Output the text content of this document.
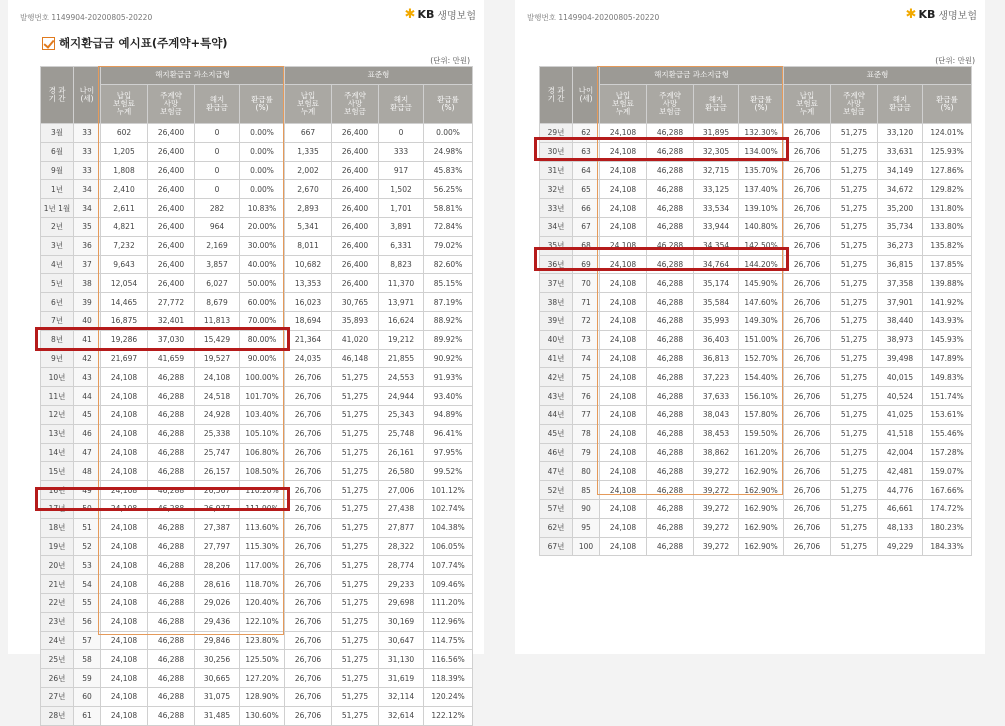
발행번호 1149904-20200805-20220	✱ KB 생명보험
해지환급금 예시표(주계약+특약)
(단위: 만원)
경 과
기 간	나이
(세)	해지환급금 과소지급형				표준형			
		납입
보험료
누계	주계약
사망
보험금	해지
환급금	환급률
(%)	납입
보험료
누계	주계약
사망
보험금	해지
환급금	환급률
(%)
3월	33	602	26,400	0	0.00%	667	26,400	0	0.00%
6월	33	1,205	26,400	0	0.00%	1,335	26,400	333	24.98%
9월	33	1,808	26,400	0	0.00%	2,002	26,400	917	45.83%
1년	34	2,410	26,400	0	0.00%	2,670	26,400	1,502	56.25%
1년 1월	34	2,611	26,400	282	10.83%	2,893	26,400	1,701	58.81%
2년	35	4,821	26,400	964	20.00%	5,341	26,400	3,891	72.84%
3년	36	7,232	26,400	2,169	30.00%	8,011	26,400	6,331	79.02%
4년	37	9,643	26,400	3,857	40.00%	10,682	26,400	8,823	82.60%
5년	38	12,054	26,400	6,027	50.00%	13,353	26,400	11,370	85.15%
6년	39	14,465	27,772	8,679	60.00%	16,023	30,765	13,971	87.19%
7년	40	16,875	32,401	11,813	70.00%	18,694	35,893	16,624	88.92%
8년	41	19,286	37,030	15,429	80.00%	21,364	41,020	19,212	89.92%
9년	42	21,697	41,659	19,527	90.00%	24,035	46,148	21,855	90.92%
10년	43	24,108	46,288	24,108	100.00%	26,706	51,275	24,553	91.93%
11년	44	24,108	46,288	24,518	101.70%	26,706	51,275	24,944	93.40%
12년	45	24,108	46,288	24,928	103.40%	26,706	51,275	25,343	94.89%
13년	46	24,108	46,288	25,338	105.10%	26,706	51,275	25,748	96.41%
14년	47	24,108	46,288	25,747	106.80%	26,706	51,275	26,161	97.95%
15년	48	24,108	46,288	26,157	108.50%	26,706	51,275	26,580	99.52%
16년	49	24,108	46,288	26,567	110.20%	26,706	51,275	27,006	101.12%
17년	50	24,108	46,288	26,977	111.90%	26,706	51,275	27,438	102.74%
18년	51	24,108	46,288	27,387	113.60%	26,706	51,275	27,877	104.38%
19년	52	24,108	46,288	27,797	115.30%	26,706	51,275	28,322	106.05%
20년	53	24,108	46,288	28,206	117.00%	26,706	51,275	28,774	107.74%
21년	54	24,108	46,288	28,616	118.70%	26,706	51,275	29,233	109.46%
22년	55	24,108	46,288	29,026	120.40%	26,706	51,275	29,698	111.20%
23년	56	24,108	46,288	29,436	122.10%	26,706	51,275	30,169	112.96%
24년	57	24,108	46,288	29,846	123.80%	26,706	51,275	30,647	114.75%
25년	58	24,108	46,288	30,256	125.50%	26,706	51,275	31,130	116.56%
26년	59	24,108	46,288	30,665	127.20%	26,706	51,275	31,619	118.39%
27년	60	24,108	46,288	31,075	128.90%	26,706	51,275	32,114	120.24%
28년	61	24,108	46,288	31,485	130.60%	26,706	51,275	32,614	122.12%
발행번호 1149904-20200805-20220	✱ KB 생명보험
(단위: 만원)
경 과
기 간	나이
(세)	해지환급금 과소지급형				표준형			
		납입
보험료
누계	주계약
사망
보험금	해지
환급금	환급률
(%)	납입
보험료
누계	주계약
사망
보험금	해지
환급금	환급률
(%)
29년	62	24,108	46,288	31,895	132.30%	26,706	51,275	33,120	124.01%
30년	63	24,108	46,288	32,305	134.00%	26,706	51,275	33,631	125.93%
31년	64	24,108	46,288	32,715	135.70%	26,706	51,275	34,149	127.86%
32년	65	24,108	46,288	33,125	137.40%	26,706	51,275	34,672	129.82%
33년	66	24,108	46,288	33,534	139.10%	26,706	51,275	35,200	131.80%
34년	67	24,108	46,288	33,944	140.80%	26,706	51,275	35,734	133.80%
35년	68	24,108	46,288	34,354	142.50%	26,706	51,275	36,273	135.82%
36년	69	24,108	46,288	34,764	144.20%	26,706	51,275	36,815	137.85%
37년	70	24,108	46,288	35,174	145.90%	26,706	51,275	37,358	139.88%
38년	71	24,108	46,288	35,584	147.60%	26,706	51,275	37,901	141.92%
39년	72	24,108	46,288	35,993	149.30%	26,706	51,275	38,440	143.93%
40년	73	24,108	46,288	36,403	151.00%	26,706	51,275	38,973	145.93%
41년	74	24,108	46,288	36,813	152.70%	26,706	51,275	39,498	147.89%
42년	75	24,108	46,288	37,223	154.40%	26,706	51,275	40,015	149.83%
43년	76	24,108	46,288	37,633	156.10%	26,706	51,275	40,524	151.74%
44년	77	24,108	46,288	38,043	157.80%	26,706	51,275	41,025	153.61%
45년	78	24,108	46,288	38,453	159.50%	26,706	51,275	41,518	155.46%
46년	79	24,108	46,288	38,862	161.20%	26,706	51,275	42,004	157.28%
47년	80	24,108	46,288	39,272	162.90%	26,706	51,275	42,481	159.07%
52년	85	24,108	46,288	39,272	162.90%	26,706	51,275	44,776	167.66%
57년	90	24,108	46,288	39,272	162.90%	26,706	51,275	46,661	174.72%
62년	95	24,108	46,288	39,272	162.90%	26,706	51,275	48,133	180.23%
67년	100	24,108	46,288	39,272	162.90%	26,706	51,275	49,229	184.33%
